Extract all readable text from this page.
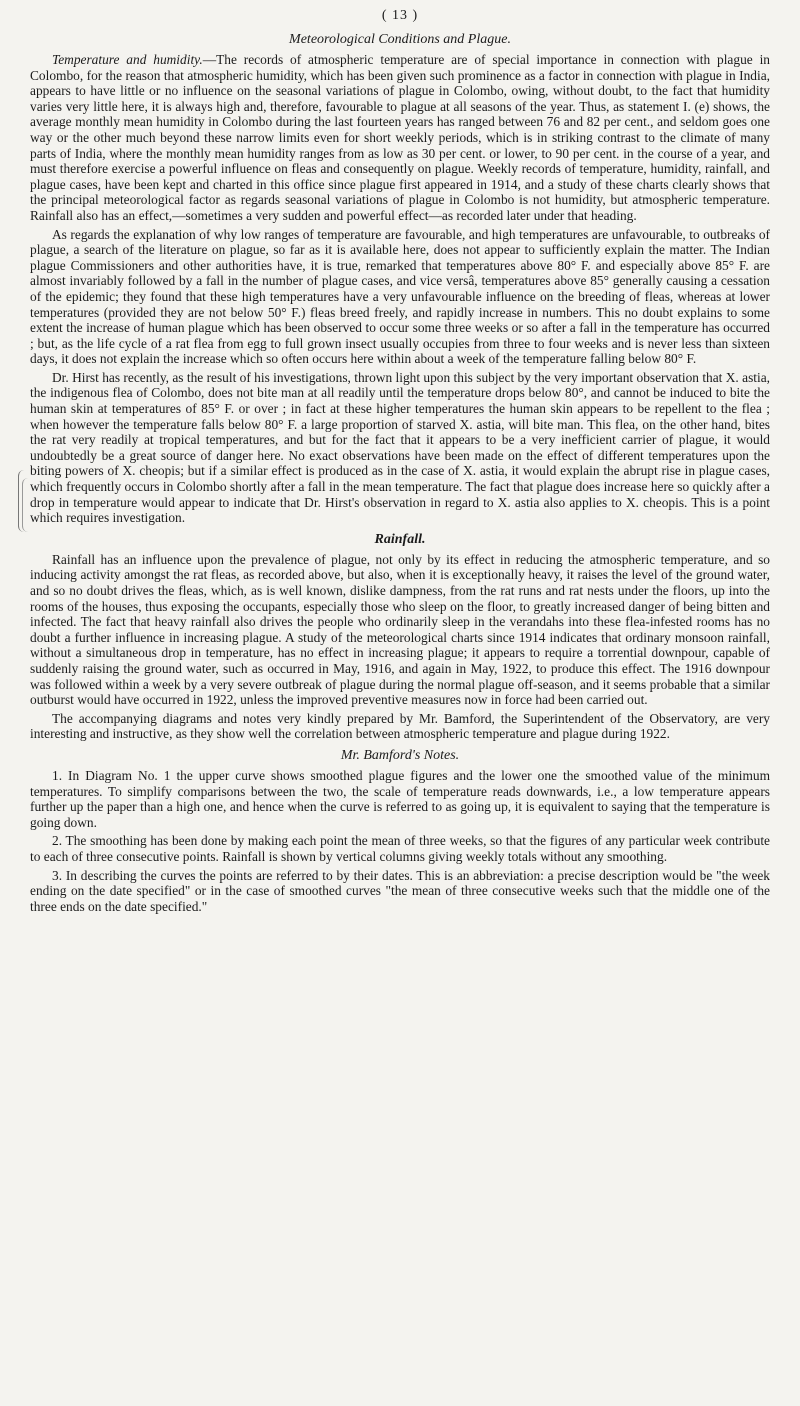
( 13 )
Meteorological Conditions and Plague.

Temperature and humidity.—The records of atmospheric temperature are of special importance in connection with plague in Colombo, for the reason that atmospheric humidity, which has been given such prominence as a factor in connection with plague in India, appears to have little or no influence on the seasonal variations of plague in Colombo, owing, without doubt, to the fact that humidity varies very little here, it is always high and, therefore, favourable to plague at all seasons of the year. Thus, as statement I. (e) shows, the average monthly mean humidity in Colombo during the last fourteen years has ranged between 76 and 82 per cent., and seldom goes one way or the other much beyond these narrow limits even for short weekly periods, which is in striking contrast to the climate of many parts of India, where the monthly mean humidity ranges from as low as 30 per cent. or lower, to 90 per cent. in the course of a year, and must therefore exercise a powerful influence on fleas and consequently on plague. Weekly records of temperature, humidity, rainfall, and plague cases, have been kept and charted in this office since plague first appeared in 1914, and a study of these charts clearly shows that the principal meteorological factor as regards seasonal variations of plague in Colombo is not humidity, but atmospheric temperature. Rainfall also has an effect,—sometimes a very sudden and powerful effect—as recorded later under that heading.

As regards the explanation of why low ranges of temperature are favourable, and high temperatures are unfavourable, to outbreaks of plague, a search of the literature on plague, so far as it is available here, does not appear to sufficiently explain the matter. The Indian plague Commissioners and other authorities have, it is true, remarked that temperatures above 80° F. and especially above 85° F. are almost invariably followed by a fall in the number of plague cases, and vice versâ, temperatures above 85° generally causing a cessation of the epidemic; they found that these high temperatures have a very unfavourable influence on the breeding of fleas, whereas at lower temperatures (provided they are not below 50° F.) fleas breed freely, and rapidly increase in numbers. This no doubt explains to some extent the increase of human plague which has been observed to occur some three weeks or so after a fall in the temperature has occurred ; but, as the life cycle of a rat flea from egg to full grown insect usually occupies from three to four weeks and is never less than sixteen days, it does not explain the increase which so often occurs here within about a week of the temperature falling below 80° F.

Dr. Hirst has recently, as the result of his investigations, thrown light upon this subject by the very important observation that X. astia, the indigenous flea of Colombo, does not bite man at all readily until the temperature drops below 80°, and cannot be induced to bite the human skin at temperatures of 85° F. or over ; in fact at these higher temperatures the human skin appears to be repellent to the flea ; when however the temperature falls below 80° F. a large proportion of starved X. astia, will bite man. This flea, on the other hand, bites the rat very readily at tropical temperatures, and but for the fact that it appears to be a very inefficient carrier of plague, it would undoubtedly be a great source of danger here. No exact observations have been made on the effect of different temperatures upon the biting powers of X. cheopis; but if a similar effect is produced as in the case of X. astia, it would explain the abrupt rise in plague cases, which frequently occurs in Colombo shortly after a fall in the mean temperature. The fact that plague does increase here so quickly after a drop in temperature would appear to indicate that Dr. Hirst's observation in regard to X. astia also applies to X. cheopis. This is a point which requires investigation.

Rainfall.

Rainfall has an influence upon the prevalence of plague, not only by its effect in reducing the atmospheric temperature, and so inducing activity amongst the rat fleas, as recorded above, but also, when it is exceptionally heavy, it raises the level of the ground water, and so no doubt drives the fleas, which, as is well known, dislike dampness, from the rat runs and rat nests under the floors, up into the rooms of the houses, thus exposing the occupants, especially those who sleep on the floor, to greatly increased danger of being bitten and infected. The fact that heavy rainfall also drives the people who ordinarily sleep in the verandahs into these flea-infested rooms has no doubt a further influence in increasing plague. A study of the meteorological charts since 1914 indicates that ordinary monsoon rainfall, without a simultaneous drop in temperature, has no effect in increasing plague; it appears to require a torrential downpour, capable of suddenly raising the ground water, such as occurred in May, 1916, and again in May, 1922, to produce this effect. The 1916 downpour was followed within a week by a very severe outbreak of plague during the normal plague off-season, and it seems probable that a similar outburst would have occurred in 1922, unless the improved preventive measures now in force had been carried out.

The accompanying diagrams and notes very kindly prepared by Mr. Bamford, the Superintendent of the Observatory, are very interesting and instructive, as they show well the correlation between atmospheric temperature and plague during 1922.

Mr. Bamford's Notes.

1. In Diagram No. 1 the upper curve shows smoothed plague figures and the lower one the smoothed value of the minimum temperatures. To simplify comparisons between the two, the scale of temperature reads downwards, i.e., a low temperature appears further up the paper than a high one, and hence when the curve is referred to as going up, it is equivalent to saying that the temperature is going down.

2. The smoothing has been done by making each point the mean of three weeks, so that the figures of any particular week contribute to each of three consecutive points. Rainfall is shown by vertical columns giving weekly totals without any smoothing.

3. In describing the curves the points are referred to by their dates. This is an abbreviation: a precise description would be "the week ending on the date specified" or in the case of smoothed curves "the mean of three consecutive weeks such that the middle one of the three ends on the date specified."
